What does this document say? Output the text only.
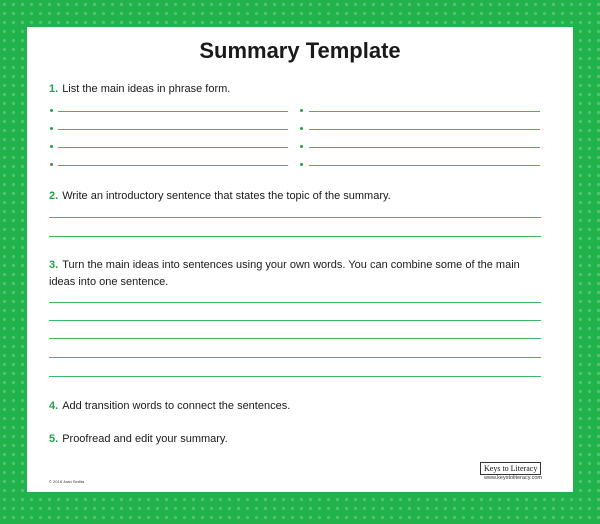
Summary Template
1. List the main ideas in phrase form.
2. Write an introductory sentence that states the topic of the summary.
3. Turn the main ideas into sentences using your own words. You can combine some of the main ideas into one sentence.
4. Add transition words to connect the sentences.
5. Proofread and edit your summary.
© 2018 Joan Sedita
Keys to Literacy
www.keystoliteracy.com
